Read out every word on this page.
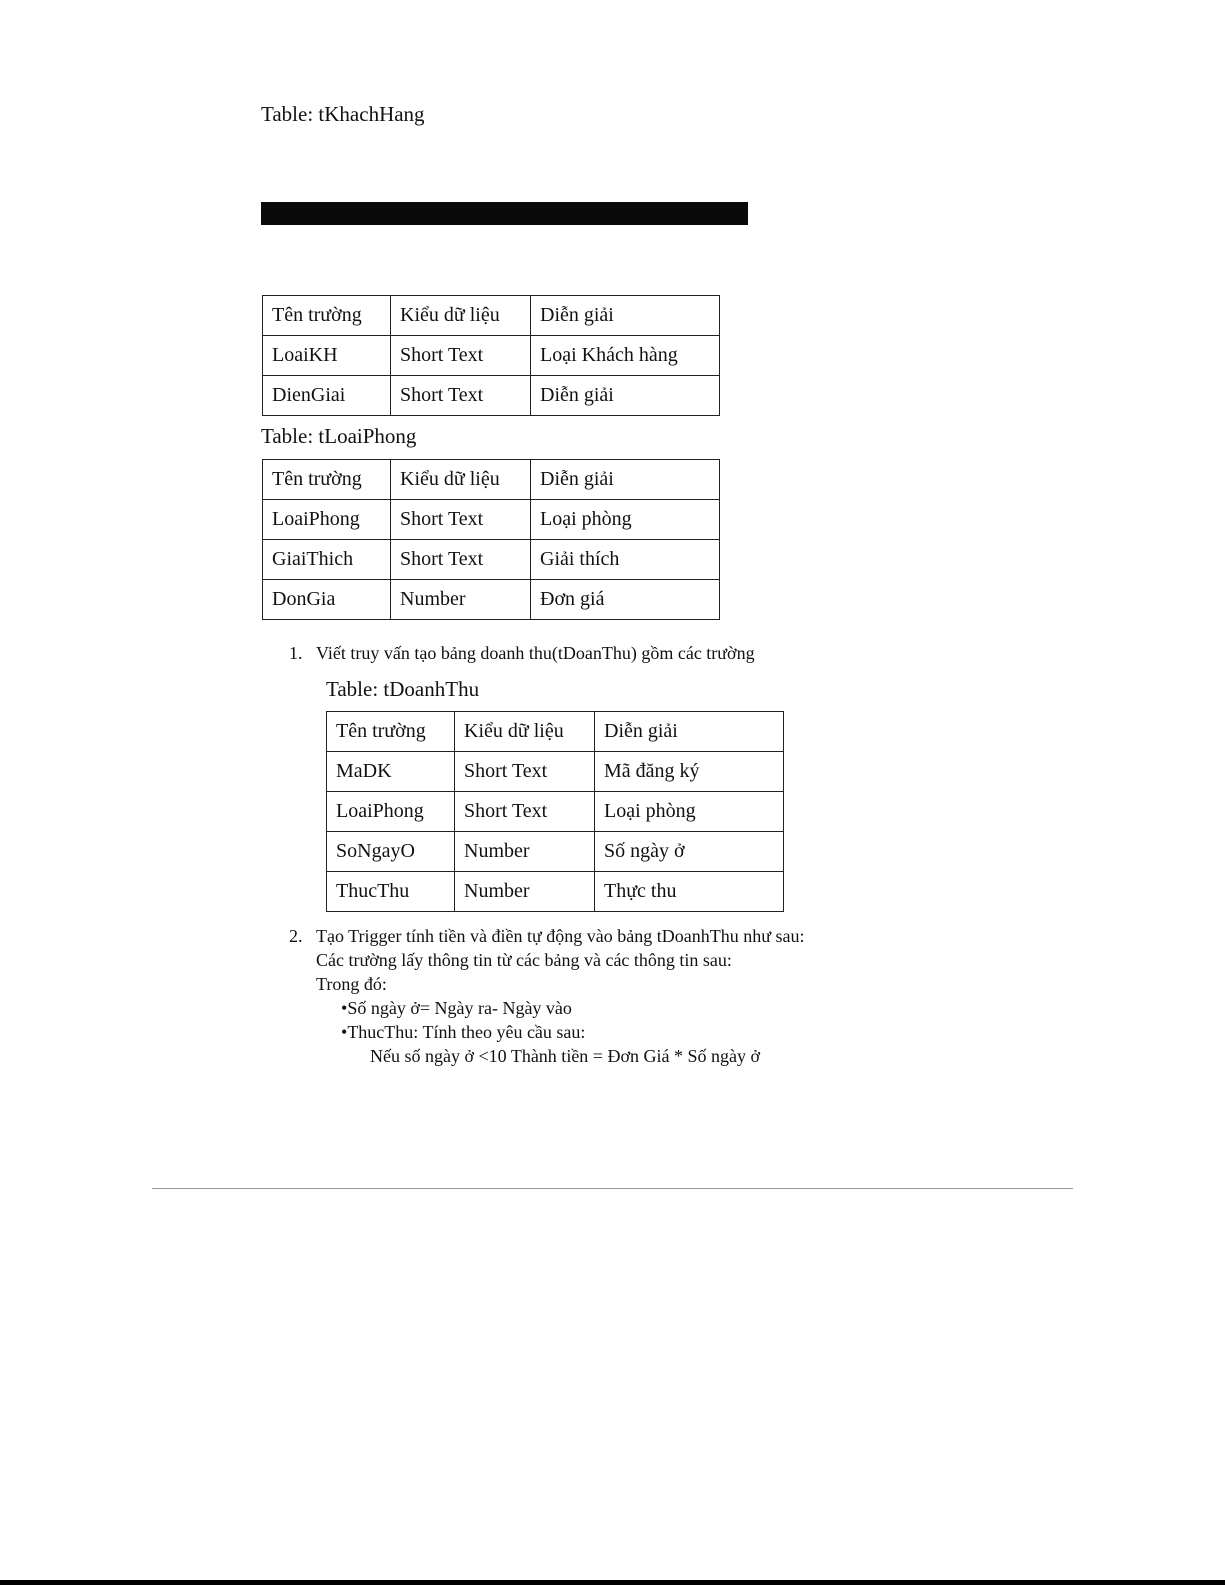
Table: tKhachHang
Tên trường	Kiểu dữ liệu	Diễn giải
LoaiKH	Short Text	Loại Khách hàng
DienGiai	Short Text	Diễn giải
Table: tLoaiPhong
Tên trường	Kiểu dữ liệu	Diễn giải
LoaiPhong	Short Text	Loại phòng
GiaiThich	Short Text	Giải thích
DonGia	Number	Đơn giá
1. Viết truy vấn tạo bảng doanh thu(tDoanThu) gồm các trường
Table: tDoanhThu
Tên trường	Kiểu dữ liệu	Diễn giải
MaDK	Short Text	Mã đăng ký
LoaiPhong	Short Text	Loại phòng
SoNgayO	Number	Số ngày ở
ThucThu	Number	Thực thu
2. Tạo Trigger tính tiền và điền tự động vào bảng tDoanhThu như sau:
Các trường lấy thông tin từ các bảng và các thông tin sau:
Trong đó:
•Số ngày ở= Ngày ra- Ngày vào
•ThucThu: Tính theo yêu cầu sau:
Nếu số ngày ở <10 Thành tiền = Đơn Giá * Số ngày ở
